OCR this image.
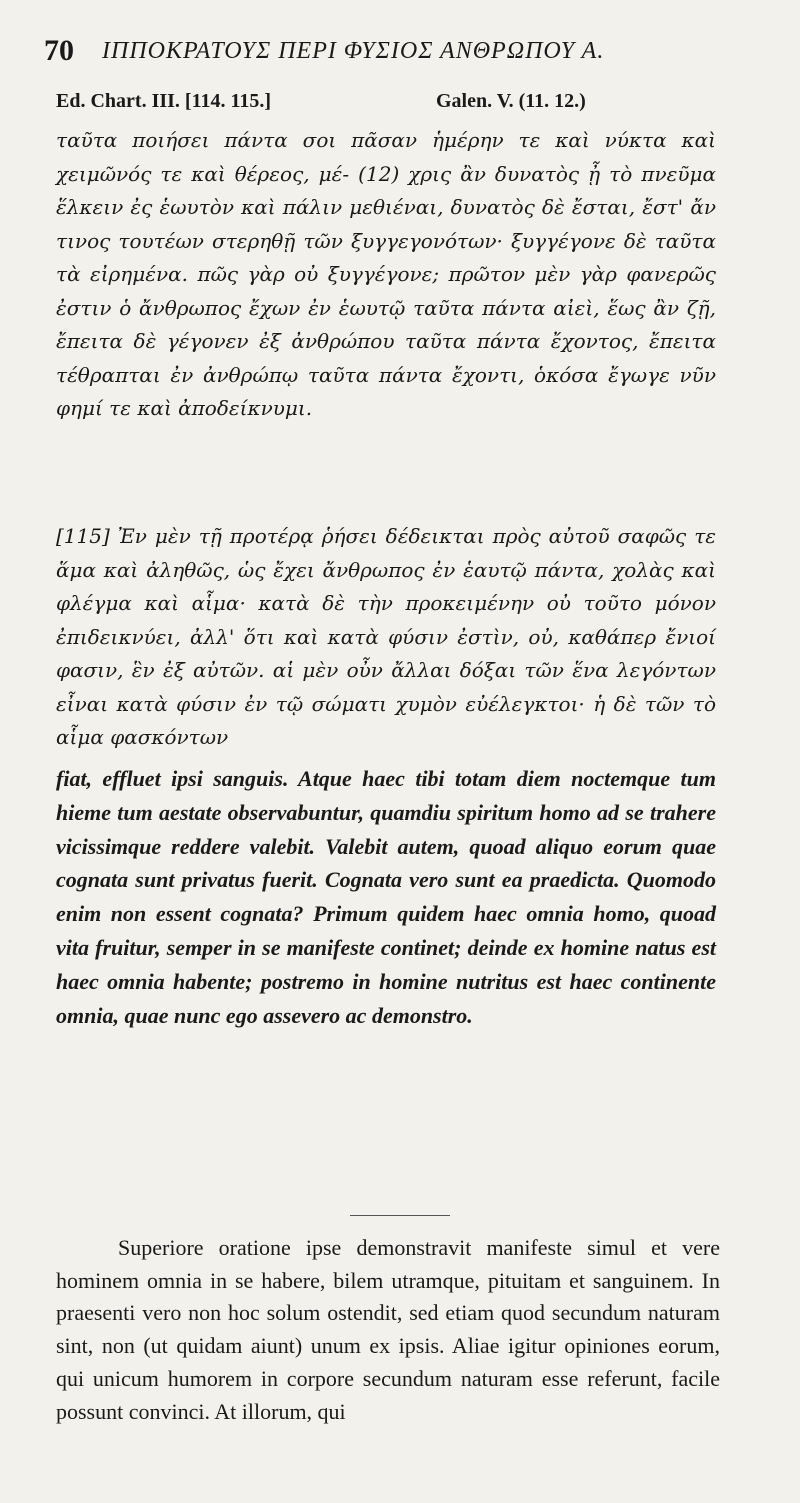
70 ΙΠΠΟΚΡΑΤΟΥΣ ΠΕΡΙ ΦΥΣΙΟΣ ΑΝΘΡΩΠΟΥ Α.
Ed. Chart. III. [114. 115.]	Galen. V. (11. 12.)

ταῦτα ποιήσει πάντα σοι πᾶσαν ἡμέρην τε καὶ νύκτα καὶ χειμῶνός τε καὶ θέρεος, μέ- (12) χρις ἂν δυνατὸς ᾖ τὸ πνεῦμα ἕλκειν ἐς ἑωυτὸν καὶ πάλιν μεθιέναι, δυνατὸς δὲ ἔσται, ἔστ' ἄν τινος τουτέων στερηθῇ τῶν ξυγγεγονότων· ξυγγέγονε δὲ ταῦτα τὰ εἰρημένα. πῶς γὰρ οὐ ξυγγέγονε; πρῶτον μὲν γὰρ φανερῶς ἐστιν ὁ ἄνθρωπος ἔχων ἐν ἑωυτῷ ταῦτα πάντα αἰεὶ, ἕως ἂν ζῇ, ἔπειτα δὲ γέγονεν ἐξ ἀνθρώπου ταῦτα πάντα ἔχοντος, ἔπειτα τέθραπται ἐν ἀνθρώπῳ ταῦτα πάντα ἔχοντι, ὁκόσα ἔγωγε νῦν φημί τε καὶ ἀποδείκνυμι.

[115] Ἐν μὲν τῇ προτέρᾳ ῥήσει δέδεικται πρὸς αὐτοῦ σαφῶς τε ἅμα καὶ ἀληθῶς, ὡς ἔχει ἄνθρωπος ἐν ἑαυτῷ πάντα, χολὰς καὶ φλέγμα καὶ αἷμα· κατὰ δὲ τὴν προκειμένην οὐ τοῦτο μόνον ἐπιδεικνύει, ἀλλ' ὅτι καὶ κατὰ φύσιν ἐστὶν, οὐ, καθάπερ ἔνιοί φασιν, ἓν ἐξ αὐτῶν. αἱ μὲν οὖν ἄλλαι δόξαι τῶν ἕνα λεγόντων εἶναι κατὰ φύσιν ἐν τῷ σώματι χυμὸν εὐέλεγκτοι· ἡ δὲ τῶν τὸ αἷμα φασκόντων

fiat, effluet ipsi sanguis. Atque haec tibi totam diem noctemque tum hieme tum aestate observabuntur, quamdiu spiritum homo ad se trahere vicissimque reddere valebit. Valebit autem, quoad aliquo eorum quae cognata sunt privatus fuerit. Cognata vero sunt ea praedicta. Quomodo enim non essent cognata? Primum quidem haec omnia homo, quoad vita fruitur, semper in se manifeste continet; deinde ex homine natus est haec omnia habente; postremo in homine nutritus est haec continente omnia, quae nunc ego assevero ac demonstro.

Superiore oratione ipse demonstravit manifeste simul et vere hominem omnia in se habere, bilem utramque, pituitam et sanguinem. In praesenti vero non hoc solum ostendit, sed etiam quod secundum naturam sint, non (ut quidam aiunt) unum ex ipsis. Aliae igitur opiniones eorum, qui unicum humorem in corpore secundum naturam esse referunt, facile possunt convinci. At illorum, qui
